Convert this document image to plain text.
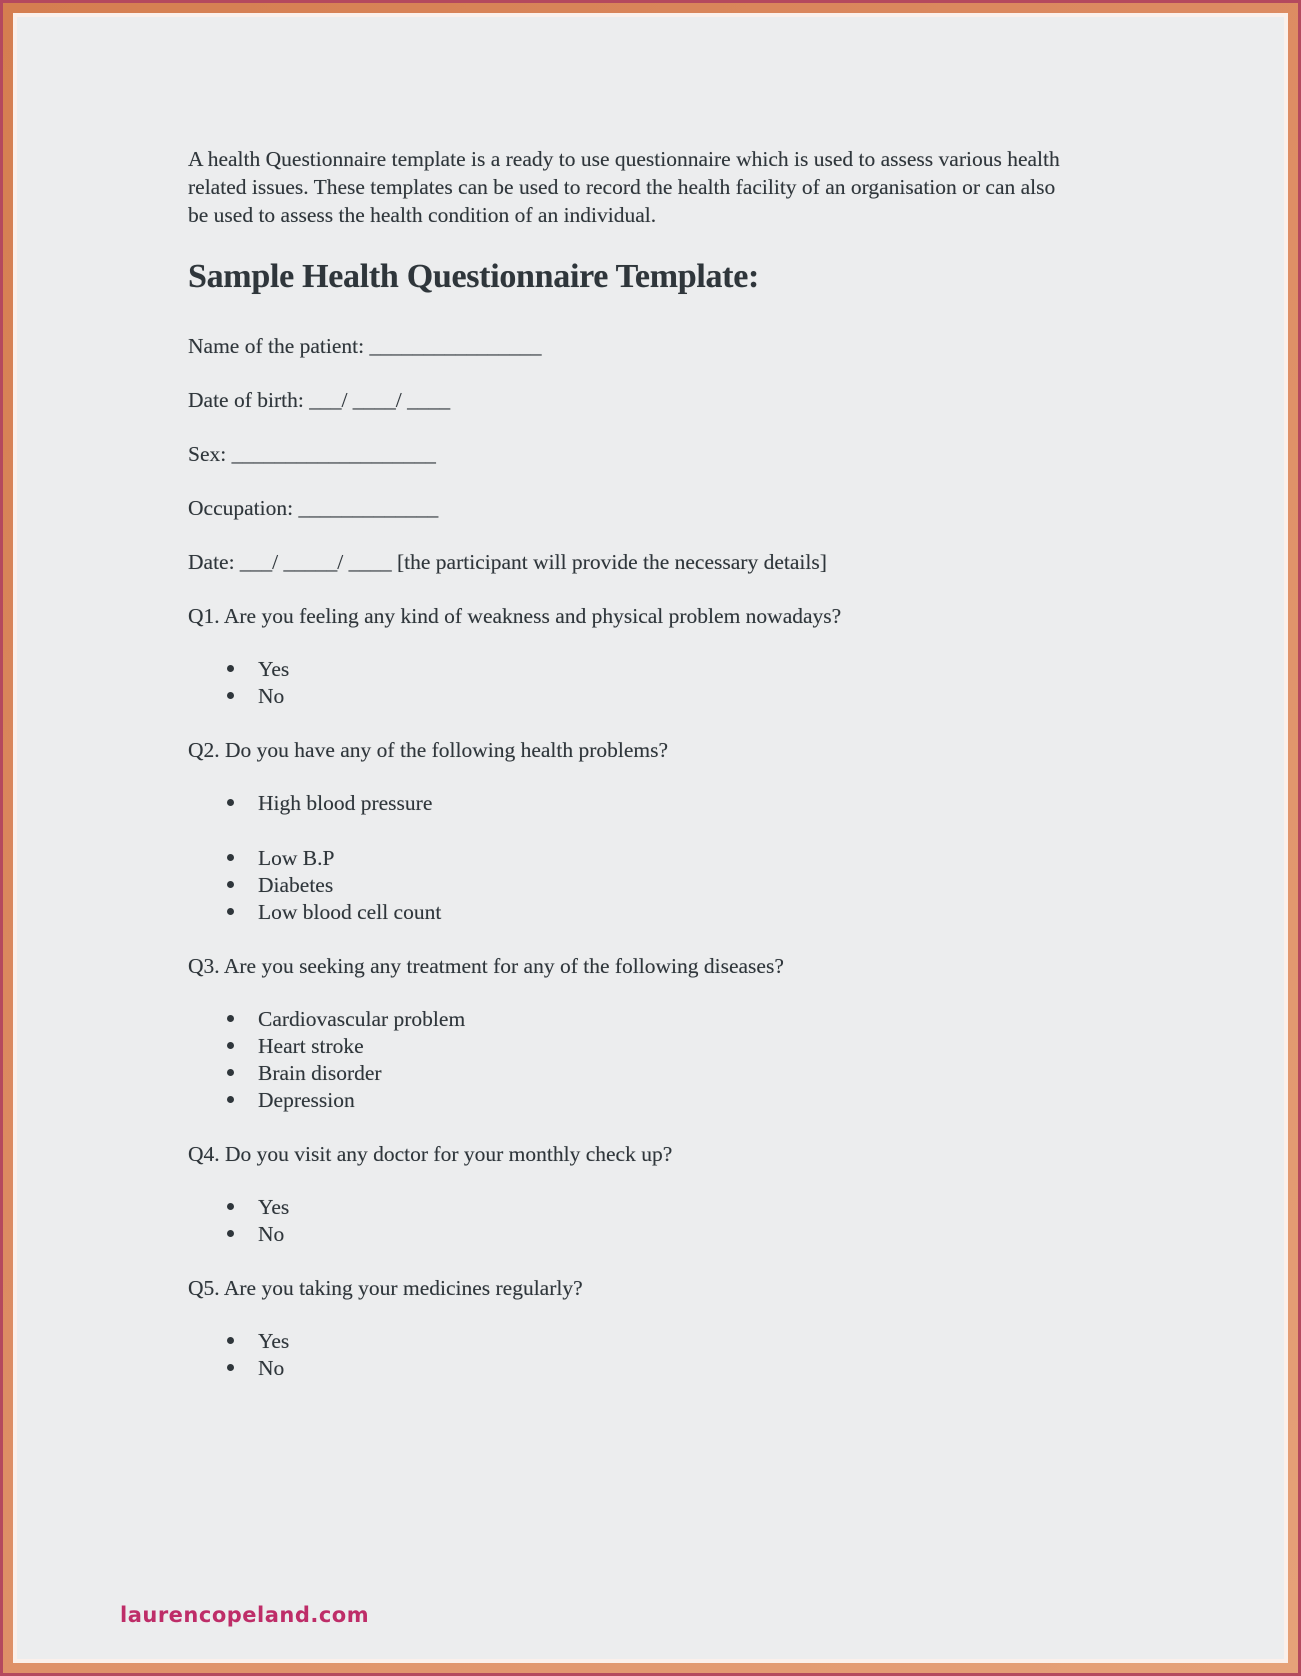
A health Questionnaire template is a ready to use questionnaire which is used to assess various health related issues. These templates can be used to record the health facility of an organisation or can also be used to assess the health condition of an individual.

Sample Health Questionnaire Template:

Name of the patient: ________________

Date of birth: ___/ ____/ ____

Sex: ___________________

Occupation: _____________

Date: ___/ _____/ ____ [the participant will provide the necessary details]

Q1. Are you feeling any kind of weakness and physical problem nowadays?

Yes
No

Q2. Do you have any of the following health problems?

High blood pressure
Low B.P
Diabetes
Low blood cell count

Q3. Are you seeking any treatment for any of the following diseases?

Cardiovascular problem
Heart stroke
Brain disorder
Depression

Q4. Do you visit any doctor for your monthly check up?

Yes
No

Q5. Are you taking your medicines regularly?

Yes
No
laurencopeland.com
